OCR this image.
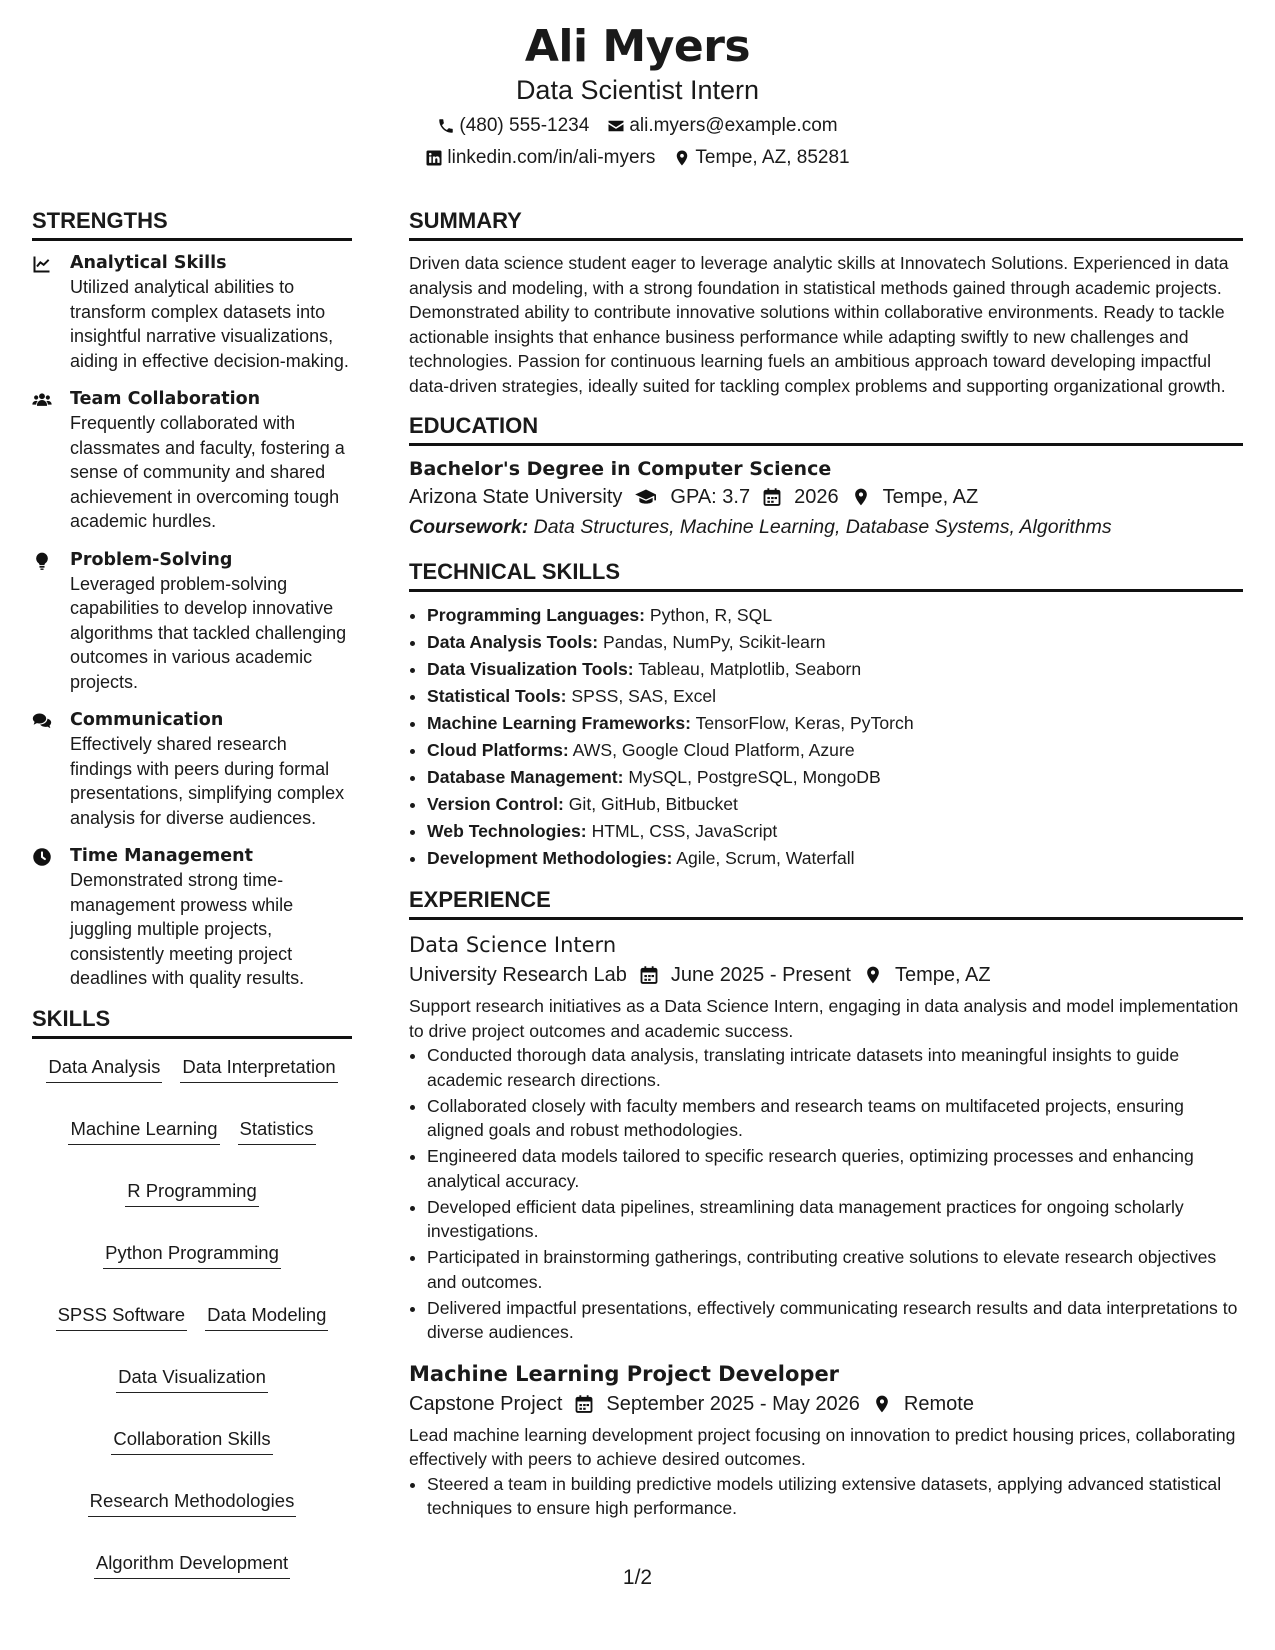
Ali Myers
Data Scientist Intern
(480) 555-1234 ali.myers@example.com
linkedin.com/in/ali-myers Tempe, AZ, 85281
STRENGTHS
Analytical Skills
Utilized analytical abilities to transform complex datasets into insightful narrative visualizations, aiding in effective decision-making.
Team Collaboration
Frequently collaborated with classmates and faculty, fostering a sense of community and shared achievement in overcoming tough academic hurdles.
Problem-Solving
Leveraged problem-solving capabilities to develop innovative algorithms that tackled challenging outcomes in various academic projects.
Communication
Effectively shared research findings with peers during formal presentations, simplifying complex analysis for diverse audiences.
Time Management
Demonstrated strong time-management prowess while juggling multiple projects, consistently meeting project deadlines with quality results.
SKILLS
Data Analysis Data Interpretation
Machine Learning Statistics
R Programming
Python Programming
SPSS Software Data Modeling
Data Visualization
Collaboration Skills
Research Methodologies
Algorithm Development
SUMMARY
Driven data science student eager to leverage analytic skills at Innovatech Solutions. Experienced in data analysis and modeling, with a strong foundation in statistical methods gained through academic projects. Demonstrated ability to contribute innovative solutions within collaborative environments. Ready to tackle actionable insights that enhance business performance while adapting swiftly to new challenges and technologies. Passion for continuous learning fuels an ambitious approach toward developing impactful data-driven strategies, ideally suited for tackling complex problems and supporting organizational growth.
EDUCATION
Bachelor's Degree in Computer Science
Arizona State University GPA: 3.7 2026 Tempe, AZ
Coursework: Data Structures, Machine Learning, Database Systems, Algorithms
TECHNICAL SKILLS
• Programming Languages: Python, R, SQL
• Data Analysis Tools: Pandas, NumPy, Scikit-learn
• Data Visualization Tools: Tableau, Matplotlib, Seaborn
• Statistical Tools: SPSS, SAS, Excel
• Machine Learning Frameworks: TensorFlow, Keras, PyTorch
• Cloud Platforms: AWS, Google Cloud Platform, Azure
• Database Management: MySQL, PostgreSQL, MongoDB
• Version Control: Git, GitHub, Bitbucket
• Web Technologies: HTML, CSS, JavaScript
• Development Methodologies: Agile, Scrum, Waterfall
EXPERIENCE
Data Science Intern
University Research Lab June 2025 - Present Tempe, AZ
Support research initiatives as a Data Science Intern, engaging in data analysis and model implementation to drive project outcomes and academic success.
• Conducted thorough data analysis, translating intricate datasets into meaningful insights to guide academic research directions.
• Collaborated closely with faculty members and research teams on multifaceted projects, ensuring aligned goals and robust methodologies.
• Engineered data models tailored to specific research queries, optimizing processes and enhancing analytical accuracy.
• Developed efficient data pipelines, streamlining data management practices for ongoing scholarly investigations.
• Participated in brainstorming gatherings, contributing creative solutions to elevate research objectives and outcomes.
• Delivered impactful presentations, effectively communicating research results and data interpretations to diverse audiences.
Machine Learning Project Developer
Capstone Project September 2025 - May 2026 Remote
Lead machine learning development project focusing on innovation to predict housing prices, collaborating effectively with peers to achieve desired outcomes.
• Steered a team in building predictive models utilizing extensive datasets, applying advanced statistical techniques to ensure high performance.
1/2
